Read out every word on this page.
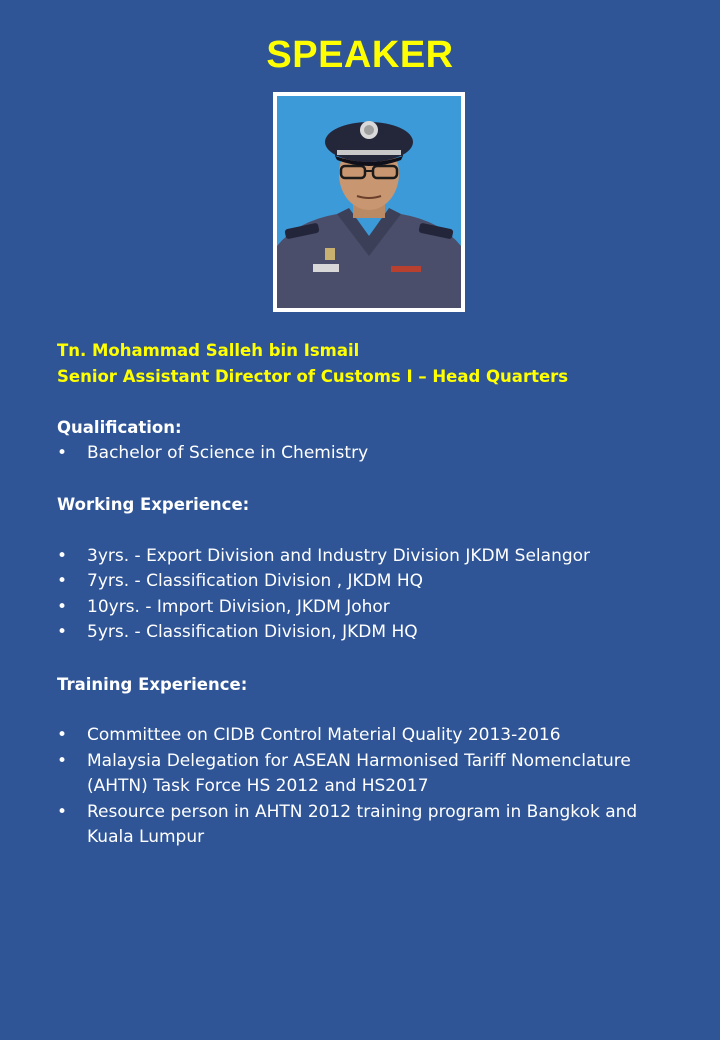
SPEAKER
Tn. Mohammad Salleh bin Ismail
Senior Assistant Director of Customs I – Head Quarters
Qualification:
• Bachelor of Science in Chemistry
Working Experience:
• 3yrs. - Export Division and Industry Division JKDM Selangor
• 7yrs. - Classification Division , JKDM HQ
• 10yrs. - Import Division, JKDM Johor
• 5yrs. - Classification Division, JKDM HQ
Training Experience:
• Committee on CIDB Control Material Quality 2013-2016
• Malaysia Delegation for ASEAN Harmonised Tariff Nomenclature (AHTN) Task Force HS 2012 and HS2017
• Resource person in AHTN 2012 training program in Bangkok and Kuala Lumpur
